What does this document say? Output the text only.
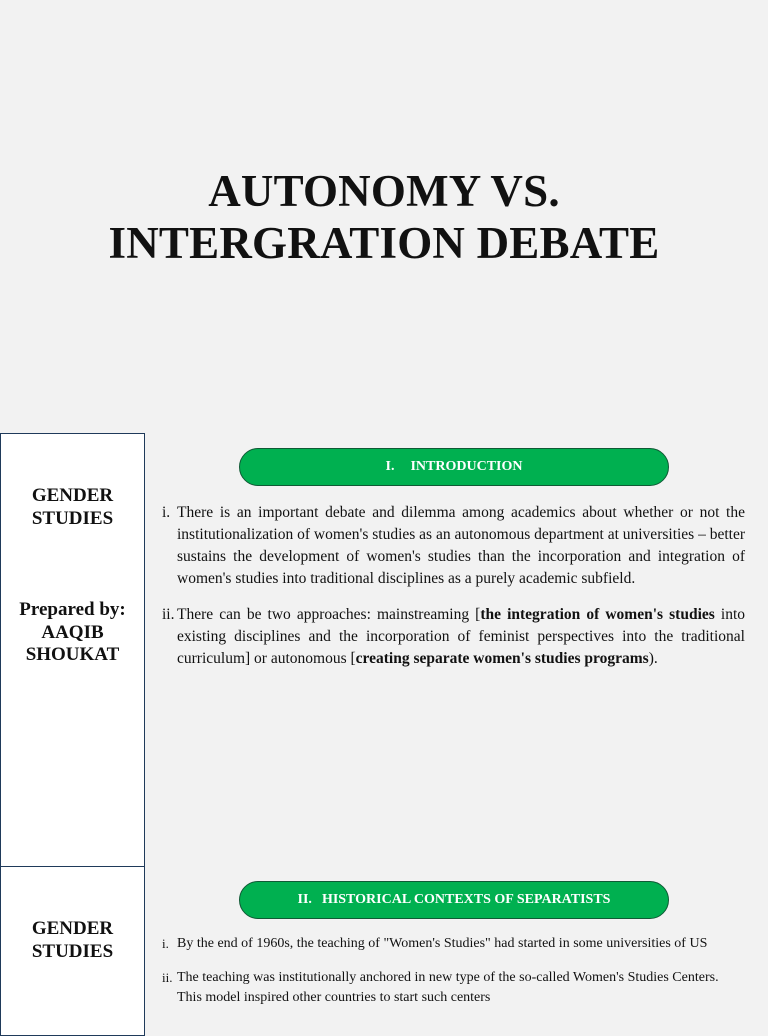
AUTONOMY VS.
INTERGRATION DEBATE
GENDER
STUDIES
Prepared by:
AAQIB
SHOUKAT
GENDER
STUDIES
I. INTRODUCTION
i. There is an important debate and dilemma among academics about whether or not the institutionalization of women's studies as an autonomous department at universities – better sustains the development of women's studies than the incorporation and integration of women's studies into traditional disciplines as a purely academic subfield.
ii. There can be two approaches: mainstreaming [the integration of women's studies into existing disciplines and the incorporation of feminist perspectives into the traditional curriculum] or autonomous [creating separate women's studies programs).
II. HISTORICAL CONTEXTS OF SEPARATISTS
i. By the end of 1960s, the teaching of "Women's Studies" had started in some universities of US
ii. The teaching was institutionally anchored in new type of the so-called Women's Studies Centers. This model inspired other countries to start such centers
